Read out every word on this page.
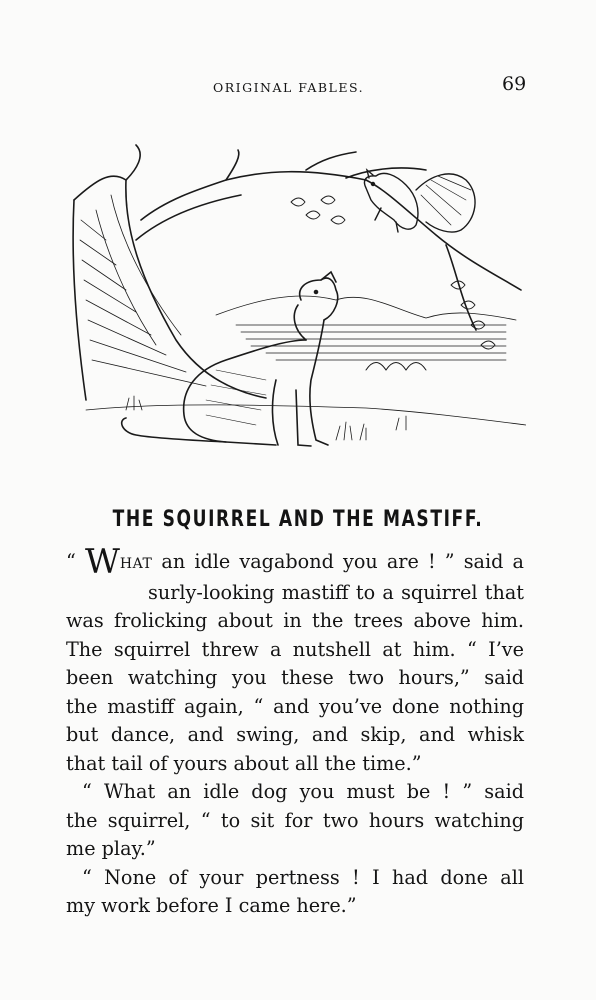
ORIGINAL FABLES.	69
THE SQUIRREL AND THE MASTIFF.
“ WHAT an idle vagabond you are ! ” said a
surly-looking mastiff to a squirrel that
was frolicking about in the trees above him.
The squirrel threw a nutshell at him. “ I’ve
been watching you these two hours,” said
the mastiff again, “ and you’ve done nothing
but dance, and swing, and skip, and whisk
that tail of yours about all the time.”
“ What an idle dog you must be ! ” said
the squirrel, “ to sit for two hours watching
me play.”
“ None of your pertness ! I had done all
my work before I came here.”
